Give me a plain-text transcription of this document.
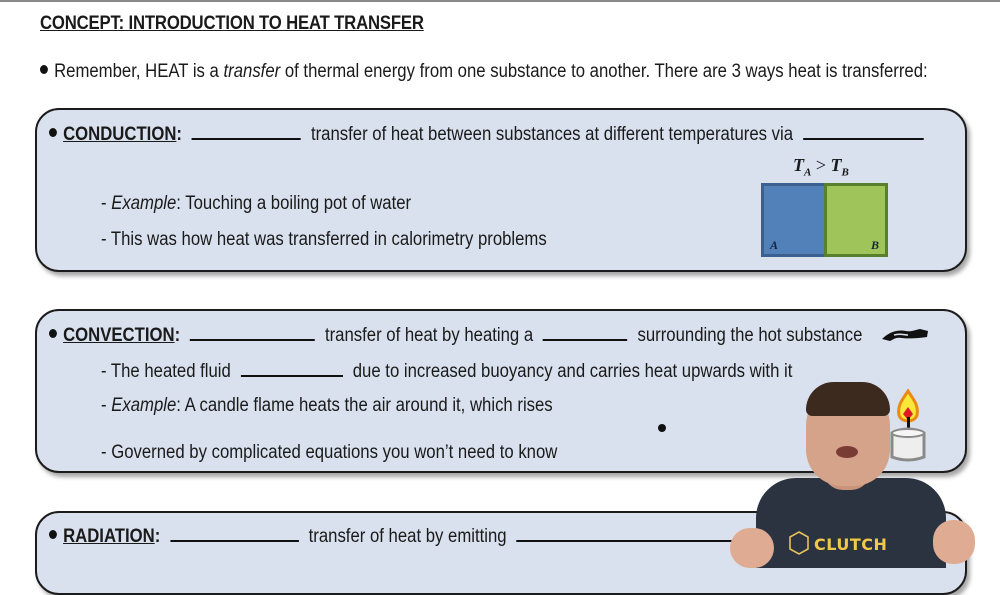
CONCEPT: INTRODUCTION TO HEAT TRANSFER
Remember, HEAT is a transfer of thermal energy from one substance to another. There are 3 ways heat is transferred:
CONDUCTION:	transfer of heat between substances at different temperatures via
- Example: Touching a boiling pot of water
- This was how heat was transferred in calorimetry problems
$T_A > T_B$
A	B
CONVECTION:	transfer of heat by heating a	surrounding the hot substance
- The heated fluid	due to increased buoyancy and carries heat upwards with it
- Example: A candle flame heats the air around it, which rises
- Governed by complicated equations you won’t need to know
RADIATION:	transfer of heat by emitting	CLUTCH
